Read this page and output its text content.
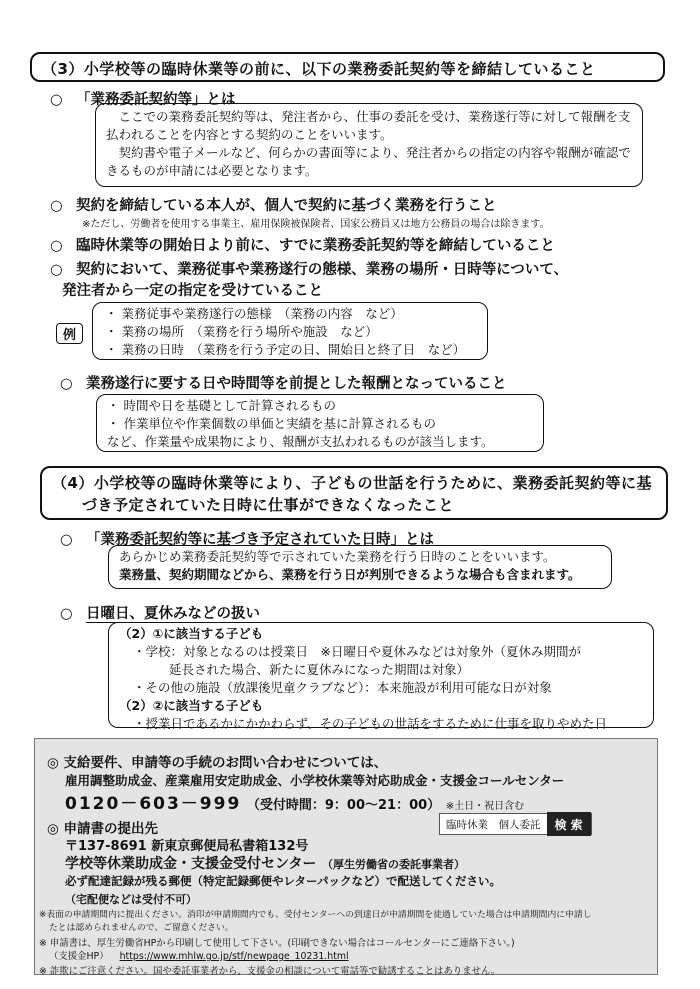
（3）小学校等の臨時休業等の前に、以下の業務委託契約等を締結していること
○ 「業務委託契約等」とは

ここでの業務委託契約等は、発注者から、仕事の委託を受け、業務遂行等に対して報酬を支払われることを内容とする契約のことをいいます。

契約書や電子メールなど、何らかの書面等により、発注者からの指定の内容や報酬が確認できるものが申請には必要となります。

○ 契約を締結している本人が、個人で契約に基づく業務を行うこと
※ただし、労働者を使用する事業主、雇用保険被保険者、国家公務員又は地方公務員の場合は除きます。
○ 臨時休業等の開始日より前に、すでに業務委託契約等を締結していること
○ 契約において、業務従事や業務遂行の態様、業務の場所・日時等について、
発注者から一定の指定を受けていること
例

・ 業務従事や業務遂行の態様　（業務の内容　など）

・ 業務の場所　（業務を行う場所や施設　など）

・ 業務の日時　（業務を行う予定の日、開始日と終了日　など）

○ 業務遂行に要する日や時間等を前提とした報酬となっていること

・ 時間や日を基礎として計算されるもの

・ 作業単位や作業個数の単価と実績を基に計算されるもの

など、作業量や成果物により、報酬が支払われるものが該当します。

（4）小学校等の臨時休業等により、子どもの世話を行うために、業務委託契約等に基
づき予定されていた日時に仕事ができなくなったこと
○ 「業務委託契約等に基づき予定されていた日時」とは

あらかじめ業務委託契約等で示されていた業務を行う日時のことをいいます。

業務量、契約期間などから、業務を行う日が判別できるような場合も含まれます。

○ 日曜日、夏休みなどの扱い

（2）①に該当する子ども

・学校：対象となるのは授業日　※日曜日や夏休みなどは対象外（夏休み期間が

延長された場合、新たに夏休みになった期間は対象）

・その他の施設（放課後児童クラブなど）：本来施設が利用可能な日が対象

（2）②に該当する子ども

・授業日であるかにかかわらず、その子どもの世話をするために仕事を取りやめた日

◎ 支給要件、申請等の手続のお問い合わせについては、
雇用調整助成金、産業雇用安定助成金、小学校休業等対応助成金・支援金コールセンター
0120－603－999 （受付時間：9：00〜21：00） ※土日・祝日含む
臨時休業　個人委託	検 索
◎ 申請書の提出先
〒137-8691 新東京郵便局私書箱132号
学校等休業助成金・支援金受付センター （厚生労働省の委託事業者）
必ず配達記録が残る郵便（特定記録郵便やレターパックなど）で配送してください。
（宅配便などは受付不可）
※表面の申請期間内に提出ください。消印が申請期間内でも、受付センターへの到達日が申請期間を徒過していた場合は申請期間内に申請し
たとは認められませんので、ご留意ください。
※ 申請書は、厚生労働省HPから印刷して使用して下さい。(印刷できない場合はコールセンターにご連絡下さい。)
（支援金HP） https://www.mhlw.go.jp/stf/newpage_10231.html
※ 詐欺にご注意ください。国や委託事業者から、支援金の相談について電話等で勧誘することはありません。
